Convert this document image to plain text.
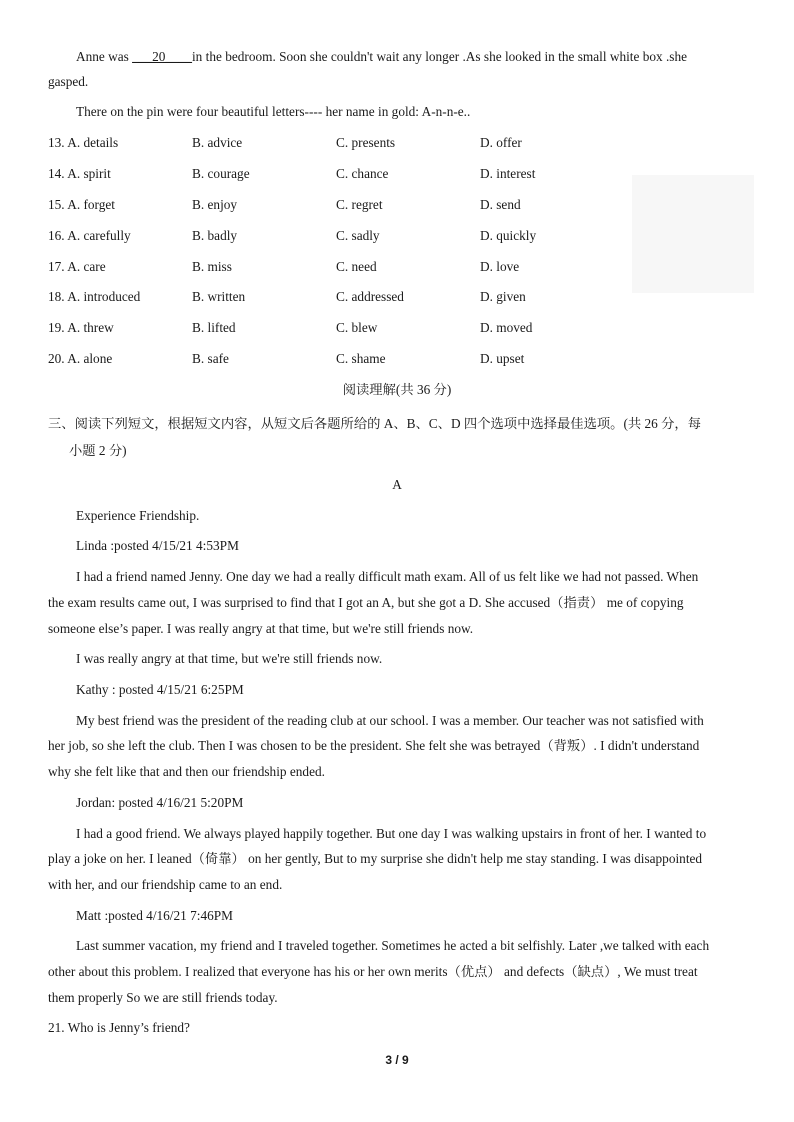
Anne was ___20____in the bedroom. Soon she couldn't wait any longer .As she looked in the small white box .she
gasped.
There on the pin were four beautiful letters---- her name in gold: A-n-n-e..
13. A. details	B. advice	C. presents	D. offer
14. A. spirit	B. courage	C. chance	D. interest
15. A. forget	B. enjoy	C. regret	D. send
16. A. carefully	B. badly	C. sadly	D. quickly
17. A. care	B. miss	C. need	D. love
18. A. introduced	B. written	C. addressed	D. given
19. A. threw	B. lifted	C. blew	D. moved
20. A. alone	B. safe	C. shame	D. upset
阅读理解(共 36 分)
三、阅读下列短文，根据短文内容，从短文后各题所给的 A、B、C、D 四个选项中选择最佳选项。(共 26 分，每
小题 2 分)
A
Experience Friendship.
Linda :posted 4/15/21 4:53PM
I had a friend named Jenny. One day we had a really difficult math exam. All of us felt like we had not passed. When
the exam results came out, I was surprised to find that I got an A, but she got a D. She accused（指责） me of copying
someone else’s paper. I was really angry at that time, but we're still friends now.
I was really angry at that time, but we're still friends now.
Kathy : posted 4/15/21 6:25PM
My best friend was the president of the reading club at our school. I was a member. Our teacher was not satisfied with
her job, so she left the club. Then I was chosen to be the president. She felt she was betrayed（背叛）. I didn't understand
why she felt like that and then our friendship ended.
Jordan: posted 4/16/21 5:20PM
I had a good friend. We always played happily together. But one day I was walking upstairs in front of her. I wanted to
play a joke on her. I leaned（倚靠） on her gently, But to my surprise she didn't help me stay standing. I was disappointed
with her, and our friendship came to an end.
Matt :posted 4/16/21 7:46PM
Last summer vacation, my friend and I traveled together. Sometimes he acted a bit selfishly. Later ,we talked with each
other about this problem. I realized that everyone has his or her own merits（优点） and defects（缺点）, We must treat
them properly So we are still friends today.
21. Who is Jenny’s friend?
3 / 9
